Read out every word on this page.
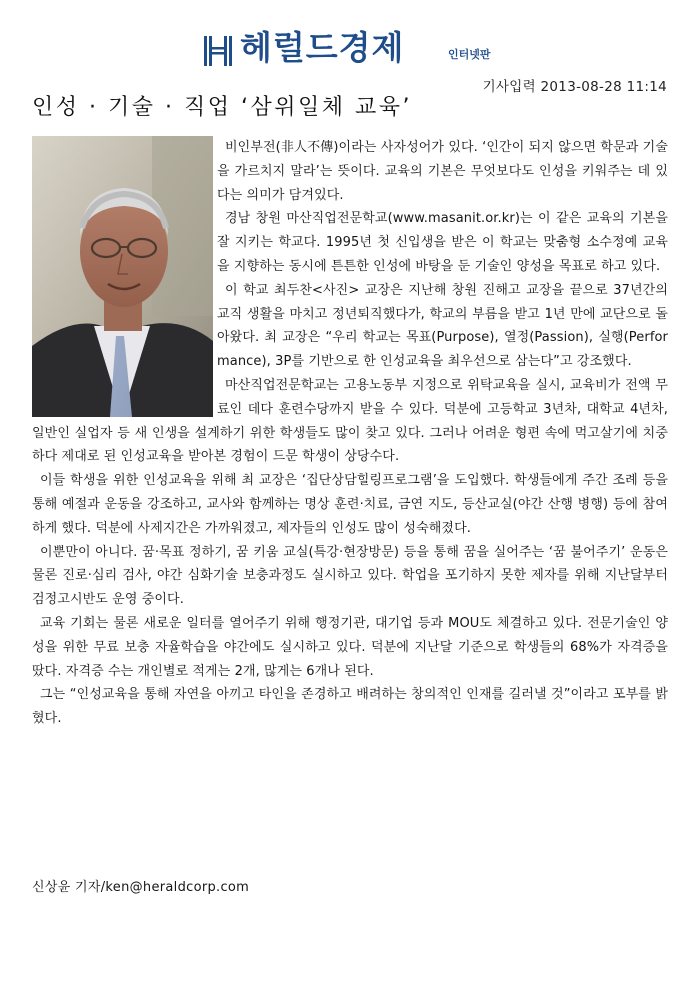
헤럴드경제	인터넷판
기사입력 2013-08-28 11:14
인성 · 기술 · 직업 ‘삼위일체 교육’

비인부전(非人不傳)이라는 사자성어가 있다. ‘인간이 되지 않으면 학문과 기술을 가르치지 말라’는 뜻이다. 교육의 기본은 무엇보다도 인성을 키워주는 데 있다는 의미가 담겨있다.

경남 창원 마산직업전문학교(www.masanit.or.kr)는 이 같은 교육의 기본을 잘 지키는 학교다. 1995년 첫 신입생을 받은 이 학교는 맞춤형 소수정예 교육을 지향하는 동시에 튼튼한 인성에 바탕을 둔 기술인 양성을 목표로 하고 있다.

이 학교 최두찬<사진> 교장은 지난해 창원 진해고 교장을 끝으로 37년간의 교직 생활을 마치고 정년퇴직했다가, 학교의 부름을 받고 1년 만에 교단으로 돌아왔다. 최 교장은 “우리 학교는 목표(Purpose), 열정(Passion), 실행(Performance), 3P를 기반으로 한 인성교육을 최우선으로 삼는다”고 강조했다.

마산직업전문학교는 고용노동부 지정으로 위탁교육을 실시, 교육비가 전액 무료인 데다 훈련수당까지 받을 수 있다. 덕분에 고등학교 3년차, 대학교 4년차, 일반인 실업자 등 새 인생을 설계하기 위한 학생들도 많이 찾고 있다. 그러나 어려운 형편 속에 먹고살기에 치중하다 제대로 된 인성교육을 받아본 경험이 드문 학생이 상당수다.

이들 학생을 위한 인성교육을 위해 최 교장은 ‘집단상담힐링프로그램’을 도입했다. 학생들에게 주간 조례 등을 통해 예절과 운동을 강조하고, 교사와 함께하는 명상 훈련·치료, 금연 지도, 등산교실(야간 산행 병행) 등에 참여하게 했다. 덕분에 사제지간은 가까워졌고, 제자들의 인성도 많이 성숙해졌다.

이뿐만이 아니다. 꿈·목표 정하기, 꿈 키움 교실(특강·현장방문) 등을 통해 꿈을 실어주는 ‘꿈 불어주기’ 운동은 물론 진로·심리 검사, 야간 심화기술 보충과정도 실시하고 있다. 학업을 포기하지 못한 제자를 위해 지난달부터 검정고시반도 운영 중이다.

교육 기회는 물론 새로운 일터를 열어주기 위해 행정기관, 대기업 등과 MOU도 체결하고 있다. 전문기술인 양성을 위한 무료 보충 자율학습을 야간에도 실시하고 있다. 덕분에 지난달 기준으로 학생들의 68%가 자격증을 땄다. 자격증 수는 개인별로 적게는 2개, 많게는 6개나 된다.

그는 “인성교육을 통해 자연을 아끼고 타인을 존경하고 배려하는 창의적인 인재를 길러낼 것”이라고 포부를 밝혔다.

신상윤 기자/ken@heraldcorp.com
